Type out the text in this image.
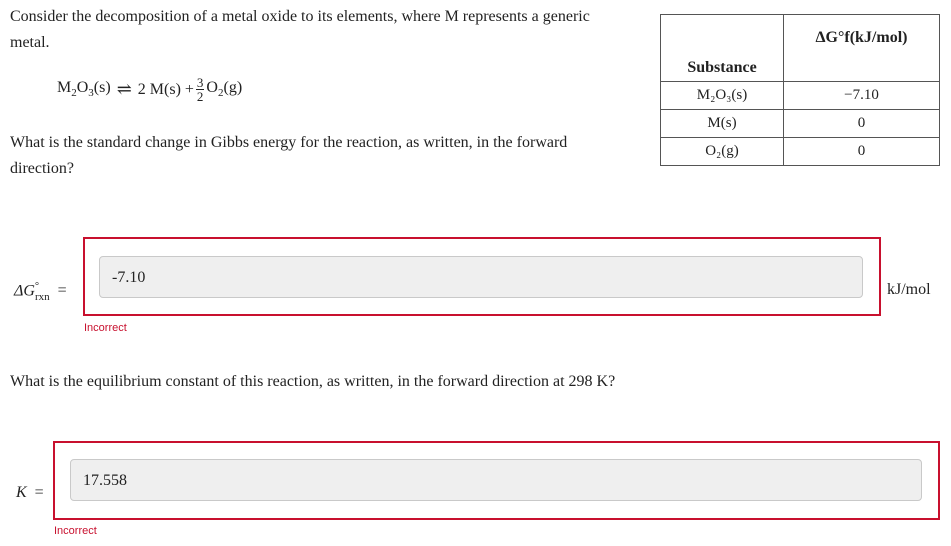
Consider the decomposition of a metal oxide to its elements, where M represents a generic metal.
$M_2O_3(s)$ ⇌ 2 $M(s) + \frac{3}{2} O_2(g)$
Substance	ΔG°f(kJ/mol)
M₂O₃(s)	−7.10
M(s)	0
O₂(g)	0
What is the standard change in Gibbs energy for the reaction, as written, in the forward direction?
$\Delta G^\circ_{rxn}$ =
-7.10
kJ/mol
Incorrect
What is the equilibrium constant of this reaction, as written, in the forward direction at 298 K?
K =
17.558
Incorrect
